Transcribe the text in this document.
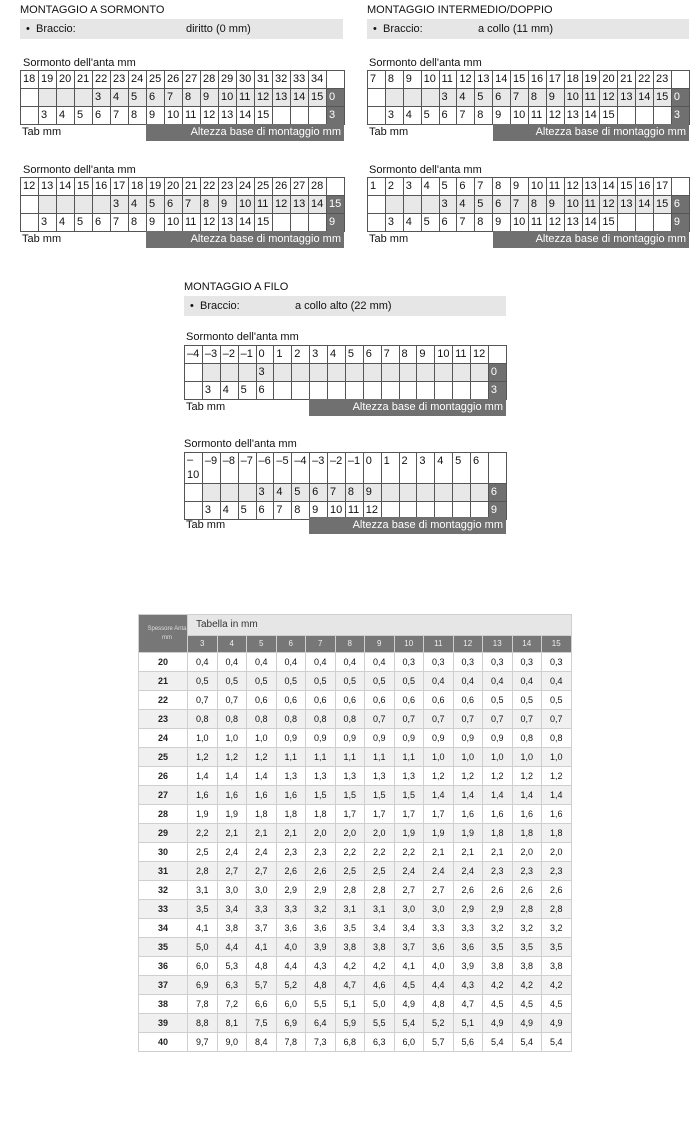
MONTAGGIO A SORMONTO
• Braccio:	diritto (0 mm)
Sormonto dell'anta mm
18	19	20	21	22	23	24	25	26	27	28	29	30	31	32	33	34	
				3	4	5	6	7	8	9	10	11	12	13	14	15	0
	3	4	5	6	7	8	9	10	11	12	13	14	15				3
Tab mm	Altezza base di montaggio mm
Sormonto dell'anta mm
12	13	14	15	16	17	18	19	20	21	22	23	24	25	26	27	28	
					3	4	5	6	7	8	9	10	11	12	13	14	15
	3	4	5	6	7	8	9	10	11	12	13	14	15				9
Tab mm	Altezza base di montaggio mm
MONTAGGIO INTERMEDIO/DOPPIO
• Braccio:	a collo (11 mm)
Sormonto dell'anta mm
7	8	9	10	11	12	13	14	15	16	17	18	19	20	21	22	23	
				3	4	5	6	7	8	9	10	11	12	13	14	15	0
	3	4	5	6	7	8	9	10	11	12	13	14	15				3
Tab mm	Altezza base di montaggio mm
Sormonto dell'anta mm
1	2	3	4	5	6	7	8	9	10	11	12	13	14	15	16	17	
				3	4	5	6	7	8	9	10	11	12	13	14	15	6
	3	4	5	6	7	8	9	10	11	12	13	14	15				9
Tab mm	Altezza base di montaggio mm
MONTAGGIO A FILO
• Braccio:	a collo alto (22 mm)
Sormonto dell'anta mm
–4	–3	–2	–1	0	1	2	3	4	5	6	7	8	9	10	11	12	
				3													0
	3	4	5	6													3
Tab mm	Altezza base di montaggio mm
Sormonto dell'anta mm
–10	–9	–8	–7	–6	–5	–4	–3	–2	–1	0	1	2	3	4	5	6	
				3	4	5	6	7	8	9							6
	3	4	5	6	7	8	9	10	11	12							9
Tab mm	Altezza base di montaggio mm
Spessore Anta mm	Tabella in mm												
	3	4	5	6	7	8	9	10	11	12	13	14	15
20	0,4	0,4	0,4	0,4	0,4	0,4	0,4	0,3	0,3	0,3	0,3	0,3	0,3
21	0,5	0,5	0,5	0,5	0,5	0,5	0,5	0,5	0,4	0,4	0,4	0,4	0,4
22	0,7	0,7	0,6	0,6	0,6	0,6	0,6	0,6	0,6	0,6	0,5	0,5	0,5
23	0,8	0,8	0,8	0,8	0,8	0,8	0,7	0,7	0,7	0,7	0,7	0,7	0,7
24	1,0	1,0	1,0	0,9	0,9	0,9	0,9	0,9	0,9	0,9	0,9	0,8	0,8
25	1,2	1,2	1,2	1,1	1,1	1,1	1,1	1,1	1,0	1,0	1,0	1,0	1,0
26	1,4	1,4	1,4	1,3	1,3	1,3	1,3	1,3	1,2	1,2	1,2	1,2	1,2
27	1,6	1,6	1,6	1,6	1,5	1,5	1,5	1,5	1,4	1,4	1,4	1,4	1,4
28	1,9	1,9	1,8	1,8	1,8	1,7	1,7	1,7	1,7	1,6	1,6	1,6	1,6
29	2,2	2,1	2,1	2,1	2,0	2,0	2,0	1,9	1,9	1,9	1,8	1,8	1,8
30	2,5	2,4	2,4	2,3	2,3	2,2	2,2	2,2	2,1	2,1	2,1	2,0	2,0
31	2,8	2,7	2,7	2,6	2,6	2,5	2,5	2,4	2,4	2,4	2,3	2,3	2,3
32	3,1	3,0	3,0	2,9	2,9	2,8	2,8	2,7	2,7	2,6	2,6	2,6	2,6
33	3,5	3,4	3,3	3,3	3,2	3,1	3,1	3,0	3,0	2,9	2,9	2,8	2,8
34	4,1	3,8	3,7	3,6	3,6	3,5	3,4	3,4	3,3	3,3	3,2	3,2	3,2
35	5,0	4,4	4,1	4,0	3,9	3,8	3,8	3,7	3,6	3,6	3,5	3,5	3,5
36	6,0	5,3	4,8	4,4	4,3	4,2	4,2	4,1	4,0	3,9	3,8	3,8	3,8
37	6,9	6,3	5,7	5,2	4,8	4,7	4,6	4,5	4,4	4,3	4,2	4,2	4,2
38	7,8	7,2	6,6	6,0	5,5	5,1	5,0	4,9	4,8	4,7	4,5	4,5	4,5
39	8,8	8,1	7,5	6,9	6,4	5,9	5,5	5,4	5,2	5,1	4,9	4,9	4,9
40	9,7	9,0	8,4	7,8	7,3	6,8	6,3	6,0	5,7	5,6	5,4	5,4	5,4
